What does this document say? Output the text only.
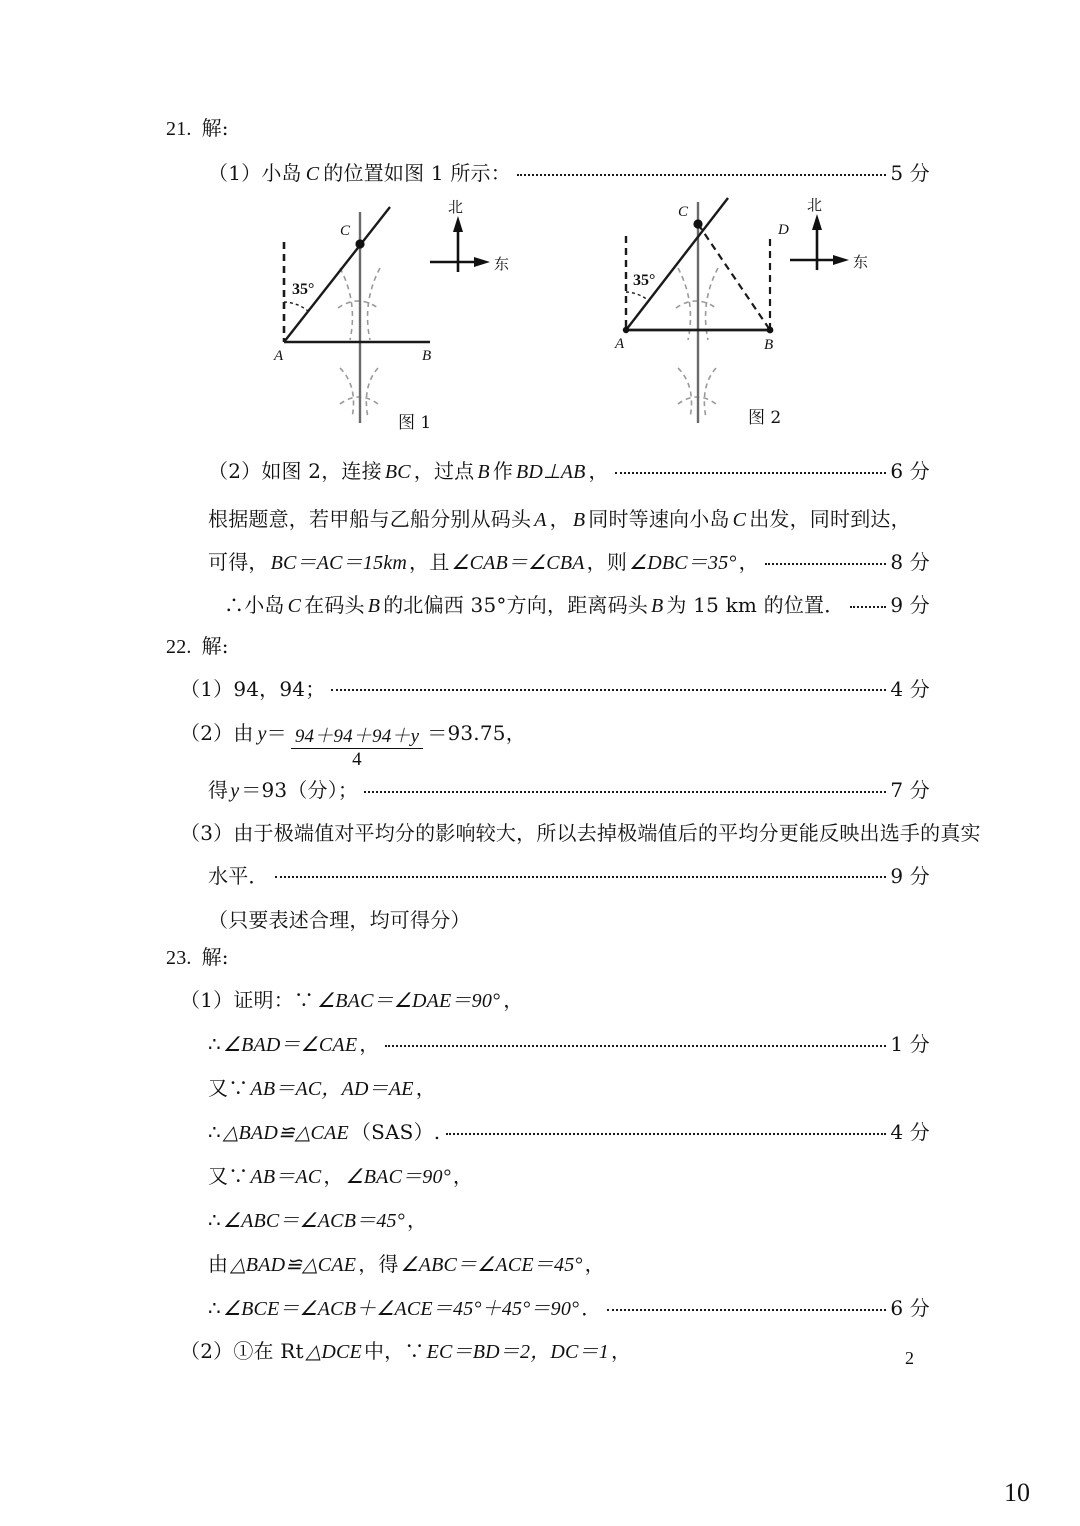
21. 解:
（1）小岛 C 的位置如图 1 所示：	5 分
A	B
C
35°
北
东
图 1
A	B
C
D
35°
北
东
图 2
（2）如图 2，连接 BC ，过点 B 作 BD⊥AB ，	6 分
根据题意，若甲船与乙船分别从码头 A ， B 同时等速向小岛 C 出发，同时到达，
可得， BC＝AC＝15km ，且 ∠CAB＝∠CBA ，则 ∠DBC＝35° ，	8 分
∴小岛 C 在码头 B 的北偏西 35°方向，距离码头 B 为 15 km 的位置． 9 分
22. 解:
（1）94，94；	4 分
（2）由 $y = \frac{94+94+94+y}{4} =93.75$，
得 y ＝93（分）；	7 分
（3）由于极端值对平均分的影响较大，所以去掉极端值后的平均分更能反映出选手的真实
水平．	9 分
（只要表述合理，均可得分）
23. 解:
（1）证明：∵ ∠BAC＝∠DAE＝90° ，
∴ ∠BAD＝∠CAE ，	1 分
又∵ AB＝AC，AD＝AE ，
∴ △BAD≌△CAE （SAS）.	4 分
又∵ AB＝AC ， ∠BAC＝90° ，
∴ ∠ABC＝∠ACB＝45° ，
由 △BAD≌△CAE ，得 ∠ABC＝∠ACE＝45° ，
∴ ∠BCE＝∠ACB＋∠ACE＝45°＋45°＝90° ．	6 分
（2）①在 Rt △DCE 中，∵ EC＝BD＝2，DC＝1 ，	2
10
